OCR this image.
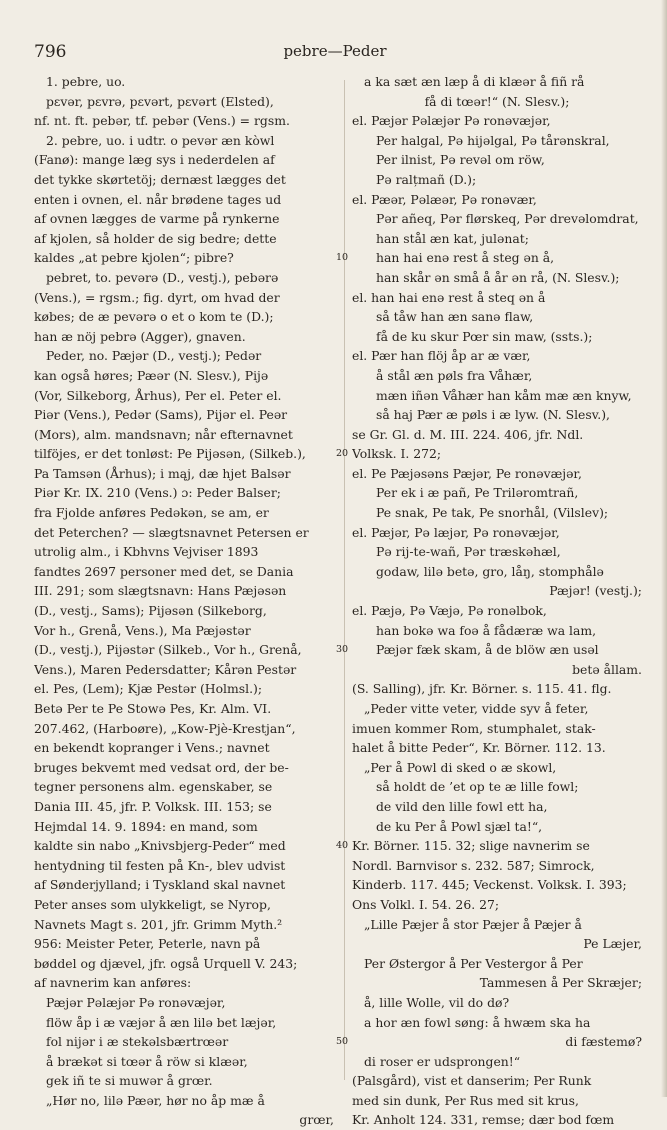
796	pebre—Peder
1. pebre, uo.
pɛvər, pɛvrə, pɛvərt, pɛvərt (Elsted),
nf. nt. ft. pebər, tf. pebər (Vens.) = rgsm.
2. pebre, uo. i udtr. o pevər æn kòwl
(Fanø): mange læg sys i nederdelen af
det tykke skørtetöj; dernæst lægges det
enten i ovnen, el. når brødene tages ud
af ovnen lægges de varme på rynkerne
af kjolen, så holder de sig bedre; dette
kaldes „at pebre kjolen“; pibre?
pebret, to. pevərə (D., vestj.), pebərə
(Vens.), = rgsm.; fig. dyrt, om hvad der
købes; de æ pevərə o et o kom te (D.);
han æ nöj pebrə (Agger), gnaven.
Peder, no. Pæjər (D., vestj.); Pedər
kan også høres; Pæər (N. Slesv.), Pijə
(Vor, Silkeborg, Århus), Per el. Peter el.
Piər (Vens.), Pedər (Sams), Pijər el. Peər
(Mors), alm. mandsnavn; når efternavnet
tilföjes, er det tonløst: Pe Pijəsən, (Silkeb.),
Pa Tamsən (Århus); i mąj, dæ hjet Balsər
Piər Kr. IX. 210 (Vens.) ɔ: Peder Balser;
fra Fjolde anføres Pedəkən, se am, er
det Peterchen? — slægtsnavnet Petersen er
utrolig alm., i Kbhvns Vejviser 1893
fandtes 2697 personer med det, se Dania
III. 291; som slægtsnavn: Hans Pæjəsən
(D., vestj., Sams); Pijəsən (Silkeborg,
Vor h., Grenå, Vens.), Ma Pæjəstər
(D., vestj.), Pijəstər (Silkeb., Vor h., Grenå,
Vens.), Maren Pedersdatter; Kårən Pestər
el. Pes, (Lem); Kjæ Pestər (Holmsl.);
Betə Per te Pe Stowə Pes, Kr. Alm. VI.
207.462, (Harboøre), „Kow-Pjè-Krestjan“,
en bekendt kopranger i Vens.; navnet
bruges bekvemt med vedsat ord, der be-
tegner personens alm. egenskaber, se
Dania III. 45, jfr. P. Volksk. III. 153; se
Hejmdal 14. 9. 1894: en mand, som
kaldte sin nabo „Knivsbjerg-Peder“ med
hentydning til festen på Kn-, blev udvist
af Sønderjylland; i Tyskland skal navnet
Peter anses som ulykkeligt, se Nyrop,
Navnets Magt s. 201, jfr. Grimm Myth.²
956: Meister Peter, Peterle, navn på
bøddel og djævel, jfr. også Urquell V. 243;
af navnerim kan anføres:
Pæjər Pəlæjər Pə ronəvæjər,
flöw åp i æ væjər å æn lilə bet læjər,
fol nijər i æ stekəlsbærtrœər
å brækət si tœər å röw si klæər,
gek iñ te si muwər å grœr.
„Hør no, lilə Pæər, hør no åp mæ å
grœr,
10
20
30
40
50
a ka sæt æn læp å di klæər å fiñ rå
få di tœər!“ (N. Slesv.);
el. Pæjər Pəlæjər Pə ronəvæjər,
Per halgal, Pə hijəlgal, Pə tårənskral,
Per ilnist, Pə revəl om röw,
Pə ralțmañ (D.);
el. Pæər, Pəlæər, Pə ronəvær,
Pər añeq, Pər flørskeq, Pər drevəlomdrat,
han stål æn kat, julənat;
han hai enə rest å steg ən å,
han skår ən små å år ən rå, (N. Slesv.);
el. han hai enə rest å steq ən å
så tåw han æn sanə flaw,
få de ku skur Pœr sin maw, (ssts.);
el. Pær han flöj åp ar æ vær,
å stål æn pøls fra Våhær,
mæn iñən Våhær han kåm mæ æn knyw,
så haj Pær æ pøls i æ lyw. (N. Slesv.),
se Gr. Gl. d. M. III. 224. 406, jfr. Ndl.
Volksk. I. 272;
el. Pe Pæjəsəns Pæjər, Pe ronəvæjər,
Per ek i æ pañ, Pe Triləromtrañ,
Pe snak, Pe tak, Pe snorhål, (Vilslev);
el. Pæjər, Pə læjər, Pə ronəvæjər,
Pə rij-te-wañ, Pər træskəhæl,
godaw, lilə betə, gro, låŋ, stomphålə
Pæjər! (vestj.);
el. Pæjə, Pə Væjə, Pə ronəlbok,
han bokə wa foə å fådæræ wa lam,
Pæjər fæk skam, å de blöw æn usəl
betə ållam.
(S. Salling), jfr. Kr. Börner. s. 115. 41. flg.
„Peder vitte veter, vidde syv å feter,
imuen kommer Rom, stumphalet, stak-
halet å bitte Peder“, Kr. Börner. 112. 13.
„Per å Powl di sked o æ skowl,
så holdt de ’et op te æ lille fowl;
de vild den lille fowl ett ha,
de ku Per å Powl sjæl ta!“,
Kr. Börner. 115. 32; slige navnerim se
Nordl. Barnvisor s. 232. 587; Simrock,
Kinderb. 117. 445; Veckenst. Volksk. I. 393;
Ons Volkl. I. 54. 26. 27;
„Lille Pæjer å stor Pæjer å Pæjer å
Pe Læjer,
Per Østergor å Per Vestergor å Per
Tammesen å Per Skræjer;
å, lille Wolle, vil do dø?
a hor æn fowl søng: å hwæm ska ha
di fæstemø?
di roser er udsprongen!“
(Palsgård), vist et danserim; Per Runk
med sin dunk, Per Rus med sit krus,
Kr. Anholt 124. 331, remse; dær bod fœm
